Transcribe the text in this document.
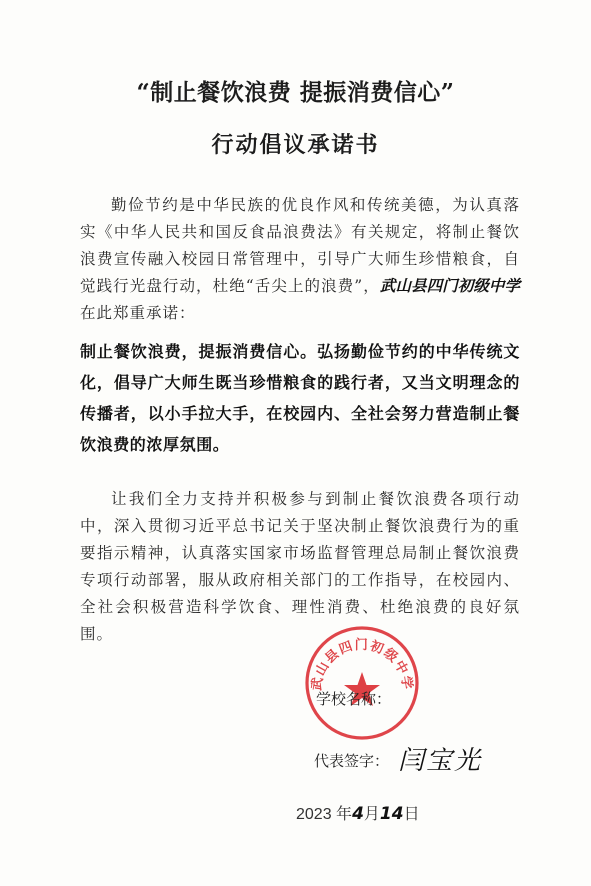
“制止餐饮浪费 提振消费信心”
行动倡议承诺书
勤俭节约是中华民族的优良作风和传统美德，为认真落实《中华人民共和国反食品浪费法》有关规定，将制止餐饮浪费宣传融入校园日常管理中，引导广大师生珍惜粮食，自觉践行光盘行动，杜绝“舌尖上的浪费”，武山县四门初级中学在此郑重承诺：
制止餐饮浪费，提振消费信心。弘扬勤俭节约的中华传统文化，倡导广大师生既当珍惜粮食的践行者，又当文明理念的传播者，以小手拉大手，在校园内、全社会努力营造制止餐饮浪费的浓厚氛围。
让我们全力支持并积极参与到制止餐饮浪费各项行动中，深入贯彻习近平总书记关于坚决制止餐饮浪费行为的重要指示精神，认真落实国家市场监督管理总局制止餐饮浪费专项行动部署，服从政府相关部门的工作指导，在校园内、全社会积极营造科学饮食、理性消费、杜绝浪费的良好氛围。
武山县四门初级中学
学校名称：
代表签字： 闫宝光
2023 年4月14日
